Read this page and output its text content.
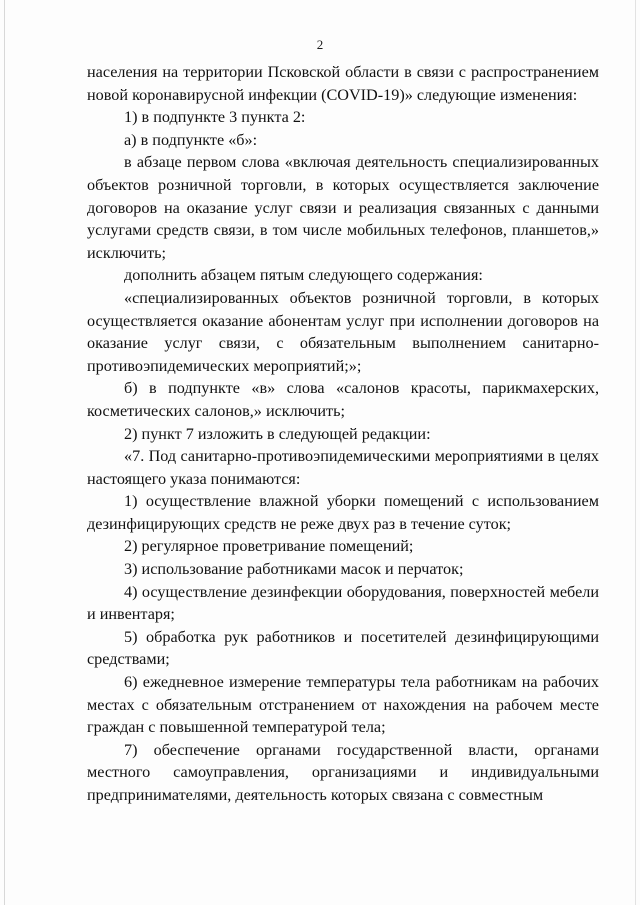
2

населения на территории Псковской области в связи с распространением новой коронавирусной инфекции (COVID-19)» следующие изменения:

1) в подпункте 3 пункта 2:

а) в подпункте «б»:

в абзаце первом слова «включая деятельность специализированных объектов розничной торговли, в которых осуществляется заключение договоров на оказание услуг связи и реализация связанных с данными услугами средств связи, в том числе мобильных телефонов, планшетов,» исключить;

дополнить абзацем пятым следующего содержания:

«специализированных объектов розничной торговли, в которых осуществляется оказание абонентам услуг при исполнении договоров на оказание услуг связи, с обязательным выполнением санитарно-противоэпидемических мероприятий;»;

б) в подпункте «в» слова «салонов красоты, парикмахерских, косметических салонов,» исключить;

2) пункт 7 изложить в следующей редакции:

«7. Под санитарно-противоэпидемическими мероприятиями в целях настоящего указа понимаются:

1) осуществление влажной уборки помещений с использованием дезинфицирующих средств не реже двух раз в течение суток;

2) регулярное проветривание помещений;

3) использование работниками масок и перчаток;

4) осуществление дезинфекции оборудования, поверхностей мебели и инвентаря;

5) обработка рук работников и посетителей дезинфицирующими средствами;

6) ежедневное измерение температуры тела работникам на рабочих местах с обязательным отстранением от нахождения на рабочем месте граждан с повышенной температурой тела;

7) обеспечение органами государственной власти, органами местного самоуправления, организациями и индивидуальными предпринимателями, деятельность которых связана с совместным
